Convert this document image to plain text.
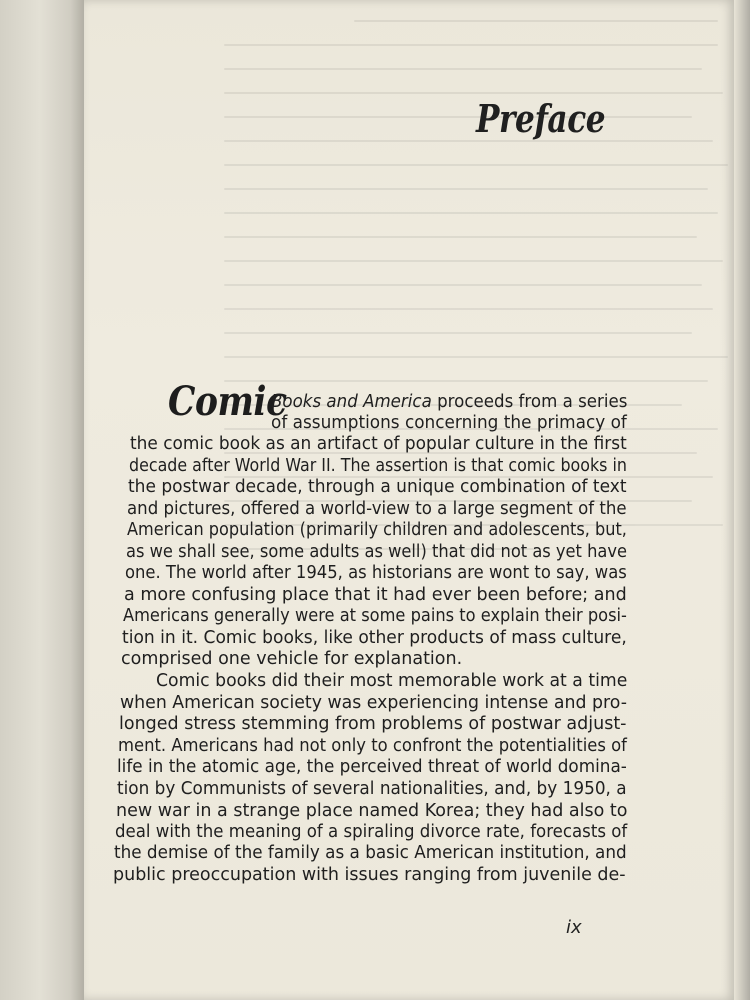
Preface
Comic
Books and America proceeds from a series
of assumptions concerning the primacy of
the comic book as an artifact of popular culture in the first
decade after World War II. The assertion is that comic books in
the postwar decade, through a unique combination of text
and pictures, offered a world-view to a large segment of the
American population (primarily children and adolescents, but,
as we shall see, some adults as well) that did not as yet have
one. The world after 1945, as historians are wont to say, was
a more confusing place that it had ever been before; and
Americans generally were at some pains to explain their posi-
tion in it. Comic books, like other products of mass culture,
comprised one vehicle for explanation.
Comic books did their most memorable work at a time
when American society was experiencing intense and pro-
longed stress stemming from problems of postwar adjust-
ment. Americans had not only to confront the potentialities of
life in the atomic age, the perceived threat of world domina-
tion by Communists of several nationalities, and, by 1950, a
new war in a strange place named Korea; they had also to
deal with the meaning of a spiraling divorce rate, forecasts of
the demise of the family as a basic American institution, and
public preoccupation with issues ranging from juvenile de-
ix
